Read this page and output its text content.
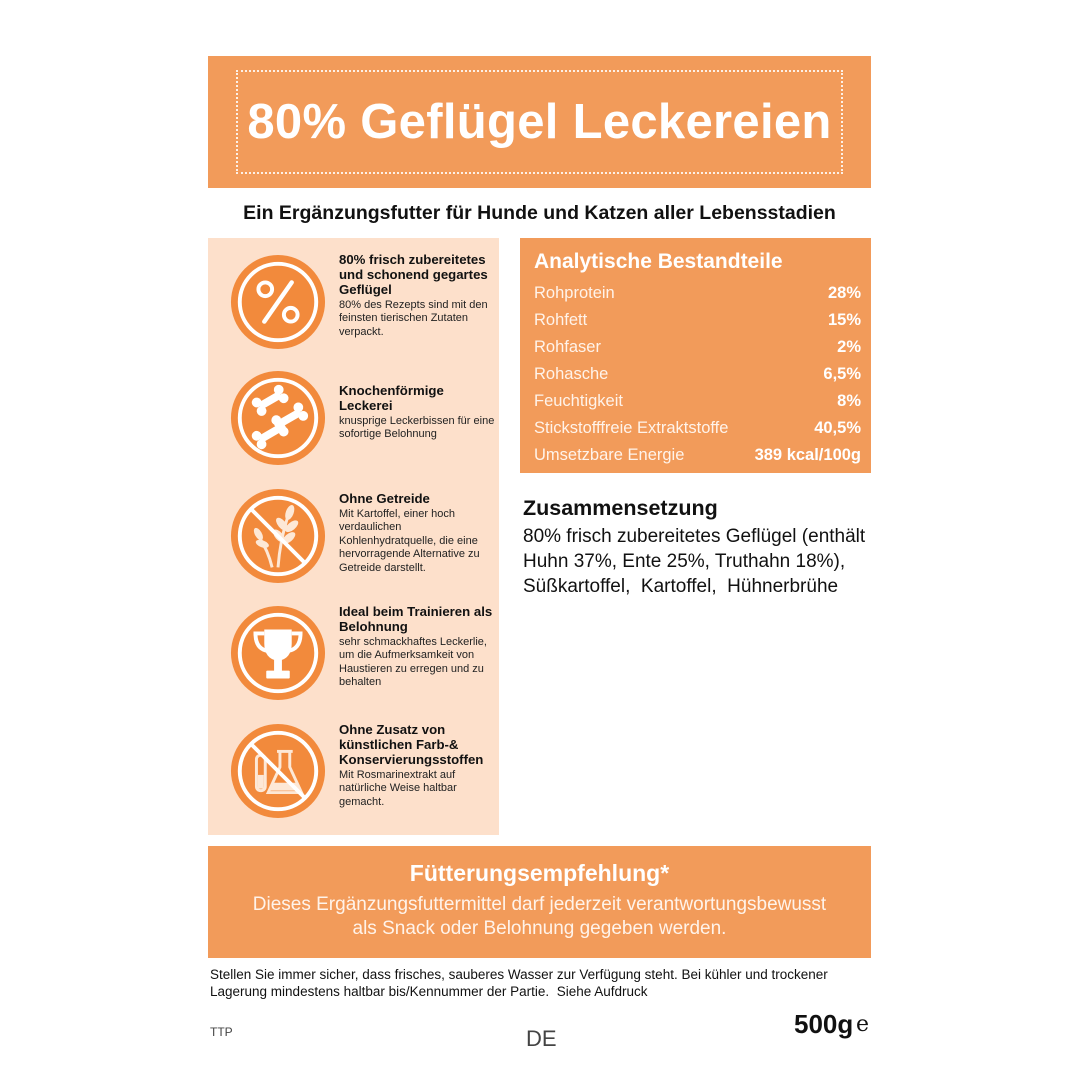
80% Geflügel Leckereien
Ein Ergänzungsfutter für Hunde und Katzen aller Lebensstadien
80% frisch zubereitetes und schonend gegartes Geflügel
80% des Rezepts sind mit den feinsten tierischen Zutaten verpackt.
Knochenförmige Leckerei
knusprige Leckerbissen für eine sofortige Belohnung
Ohne Getreide
Mit Kartoffel, einer hoch verdaulichen Kohlenhydratquelle, die eine hervorragende Alternative zu Getreide darstellt.
Ideal beim Trainieren als Belohnung
sehr schmackhaftes Leckerlie, um die Aufmerksamkeit von Haustieren zu erregen und zu behalten
Ohne Zusatz von künstlichen Farb-& Konservierungsstoffen
Mit Rosmarinextrakt auf natürliche Weise haltbar gemacht.
Analytische Bestandteile
Rohprotein	28%
Rohfett	15%
Rohfaser	2%
Rohasche	6,5%
Feuchtigkeit	8%
Stickstofffreie Extraktstoffe	40,5%
Umsetzbare Energie	389 kcal/100g
Zusammensetzung
80% frisch zubereitetes Geflügel (enthält
Huhn 37%, Ente 25%, Truthahn 18%),
Süßkartoffel,  Kartoffel,  Hühnerbrühe
Fütterungsempfehlung*
Dieses Ergänzungsfuttermittel darf jederzeit verantwortungsbewusst
als Snack oder Belohnung gegeben werden.
Stellen Sie immer sicher, dass frisches, sauberes Wasser zur Verfügung steht. Bei kühler und trockener
Lagerung mindestens haltbar bis/Kennummer der Partie.  Siehe Aufdruck
TTP	DE	500g e
